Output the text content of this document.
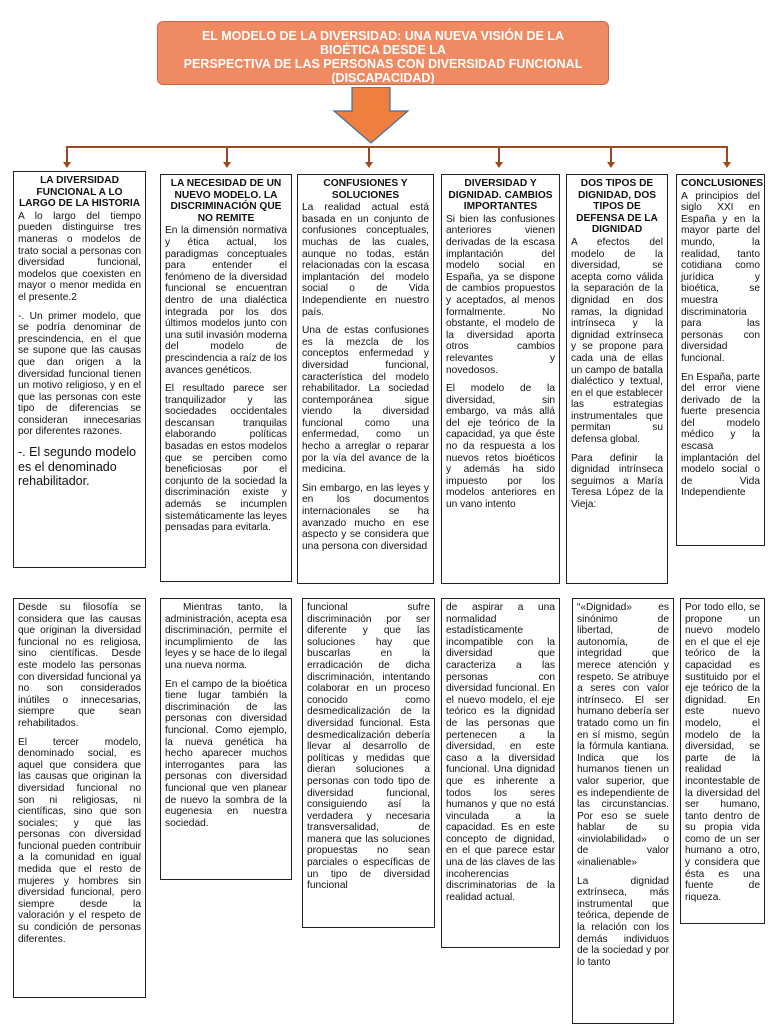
EL MODELO DE LA DIVERSIDAD: UNA NUEVA VISIÓN DE LA
BIOÉTICA DESDE LA
PERSPECTIVA DE LAS PERSONAS CON DIVERSIDAD FUNCIONAL
(DISCAPACIDAD)
LA DIVERSIDAD FUNCIONAL A LO LARGO DE LA HISTORIA

A lo largo del tiempo pueden distinguirse tres maneras o modelos de trato social a personas con diversidad funcional, modelos que coexisten en mayor o menor medida en el presente.2

-. Un primer modelo, que se podría denominar de prescindencia, en el que se supone que las causas que dan origen a la diversidad funcional tienen un motivo religioso, y en el que las personas con este tipo de diferencias se consideran innecesarias por diferentes razones.

-. El segundo modelo es el denominado rehabilitador.

LA NECESIDAD DE UN NUEVO MODELO. LA DISCRIMINACIÓN QUE NO REMITE

En la dimensión normativa y ética actual, los paradigmas conceptuales para entender el fenómeno de la diversidad funcional se encuentran dentro de una dialéctica integrada por los dos últimos modelos junto con una sutil invasión moderna del modelo de prescindencia a raíz de los avances genéticos.

El resultado parece ser tranquilizador y las sociedades occidentales descansan tranquilas elaborando políticas basadas en estos modelos que se perciben como beneficiosas por el conjunto de la sociedad la discriminación existe y además se incumplen sistemáticamente las leyes pensadas para evitarla.

CONFUSIONES Y SOLUCIONES

La realidad actual está basada en un conjunto de confusiones conceptuales, muchas de las cuales, aunque no todas, están relacionadas con la escasa implantación del modelo social o de Vida Independiente en nuestro país.

Una de estas confusiones es la mezcla de los conceptos enfermedad y diversidad funcional, característica del modelo rehabilitador. La sociedad contemporánea sigue viendo la diversidad funcional como una enfermedad, como un hecho a arreglar o reparar por la vía del avance de la medicina.

Sin embargo, en las leyes y en los documentos internacionales se ha avanzado mucho en ese aspecto y se considera que una persona con diversidad

DIVERSIDAD Y DIGNIDAD. CAMBIOS IMPORTANTES

Si bien las confusiones anteriores vienen derivadas de la escasa implantación del modelo social en España, ya se dispone de cambios propuestos y aceptados, al menos formalmente. No obstante, el modelo de la diversidad aporta otros cambios relevantes y novedosos.

El modelo de la diversidad, sin embargo, va más allá del eje teórico de la capacidad, ya que éste no da respuesta a los nuevos retos bioéticos y además ha sido impuesto por los modelos anteriores en un vano intento

DOS TIPOS DE DIGNIDAD, DOS TIPOS DE DEFENSA DE LA DIGNIDAD

A efectos del modelo de la diversidad, se acepta como válida la separación de la dignidad en dos ramas, la dignidad intrínseca y la dignidad extrínseca y se propone para cada una de ellas un campo de batalla dialéctico y textual, en el que establecer las estrategias instrumentales que permitan su defensa global.

Para definir la dignidad intrínseca seguimos a María Teresa López de la Vieja:

CONCLUSIONES

A principios del siglo XXI en España y en la mayor parte del mundo, la realidad, tanto cotidiana como jurídica y bioética, se muestra discriminatoria para las personas con diversidad funcional.

En España, parte del error viene derivado de la fuerte presencia del modelo médico y la escasa implantación del modelo social o de Vida Independiente

Desde su filosofía se considera que las causas que originan la diversidad funcional no es religiosa, sino científicas. Desde este modelo las personas con diversidad funcional ya no son considerados inútiles o innecesarias, siempre que sean rehabilitados.

El tercer modelo, denominado social, es aquel que considera que las causas que originan la diversidad funcional no son ni religiosas, ni científicas, sino que son sociales; y que las personas con diversidad funcional pueden contribuir a la comunidad en igual medida que el resto de mujeres y hombres sin diversidad funcional, pero siempre desde la valoración y el respeto de su condición de personas diferentes.

Mientras tanto, la administración, acepta esa discriminación, permite el incumplimiento de las leyes y se hace de lo ilegal una nueva norma.

En el campo de la bioética tiene lugar también la discriminación de las personas con diversidad funcional. Como ejemplo, la nueva genética ha hecho aparecer muchos interrogantes para las personas con diversidad funcional que ven planear de nuevo la sombra de la eugenesia en nuestra sociedad.

funcional sufre discriminación por ser diferente y que las soluciones hay que buscarlas en la erradicación de dicha discriminación, intentando colaborar en un proceso conocido como desmedicalización de la diversidad funcional. Esta desmedicalización debería llevar al desarrollo de políticas y medidas que dieran soluciones a personas con todo tipo de diversidad funcional, consiguiendo así la verdadera y necesaria transversalidad, de manera que las soluciones propuestas no sean parciales o específicas de un tipo de diversidad funcional

de aspirar a una normalidad estadísticamente incompatible con la diversidad que caracteriza a las personas con diversidad funcional. En el nuevo modelo, el eje teórico es la dignidad de las personas que pertenecen a la diversidad, en este caso a la diversidad funcional. Una dignidad que es inherente a todos los seres humanos y que no está vinculada a la capacidad. Es en este concepto de dignidad, en el que parece estar una de las claves de las incoherencias discriminatorias de la realidad actual.

“«Dignidad» es sinónimo de libertad, de autonomía, de integridad que merece atención y respeto. Se atribuye a seres con valor intrínseco. El ser humano debería ser tratado como un fin en sí mismo, según la fórmula kantiana. Indica que los humanos tienen un valor superior, que es independiente de las circunstancias. Por eso se suele hablar de su «inviolabilidad» o de valor «inalienable»

La dignidad extrínseca, más instrumental que teórica, depende de la relación con los demás individuos de la sociedad y por lo tanto

Por todo ello, se propone un nuevo modelo en el que el eje teórico de la capacidad es sustituido por el eje teórico de la dignidad. En este nuevo modelo, el modelo de la diversidad, se parte de la realidad incontestable de la diversidad del ser humano, tanto dentro de su propia vida como de un ser humano a otro, y considera que ésta es una fuente de riqueza.
